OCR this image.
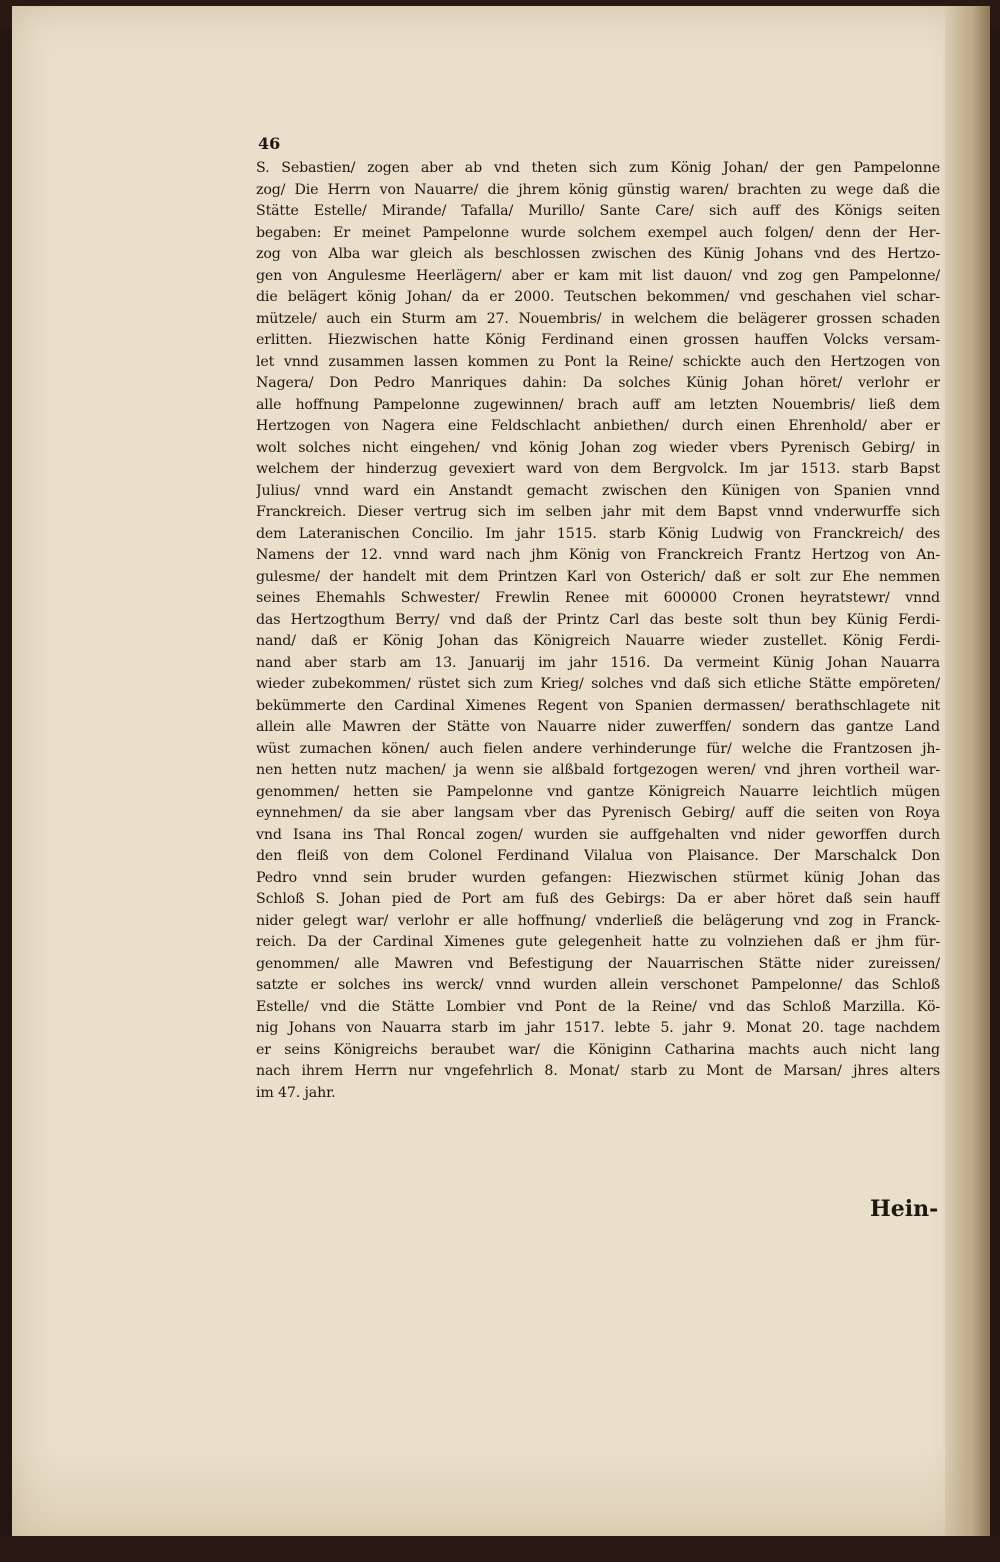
46
S. Sebastien/ zogen aber ab vnd theten sich zum König Johan/ der gen Pampelonne
zog/ Die Herrn von Nauarre/ die jhrem könig günstig waren/ brachten zu wege daß die
Stätte Estelle/ Mirande/ Tafalla/ Murillo/ Sante Care/ sich auff des Königs seiten
begaben: Er meinet Pampelonne wurde solchem exempel auch folgen/ denn der Her-
zog von Alba war gleich als beschlossen zwischen des Künig Johans vnd des Hertzo-
gen von Angulesme Heerlägern/ aber er kam mit list dauon/ vnd zog gen Pampelonne/
die belägert könig Johan/ da er 2000. Teutschen bekommen/ vnd geschahen viel schar-
mützele/ auch ein Sturm am 27. Nouembris/ in welchem die belägerer grossen schaden
erlitten. Hiezwischen hatte König Ferdinand einen grossen hauffen Volcks versam-
let vnnd zusammen lassen kommen zu Pont la Reine/ schickte auch den Hertzogen von
Nagera/ Don Pedro Manriques dahin: Da solches Künig Johan höret/ verlohr er
alle hoffnung Pampelonne zugewinnen/ brach auff am letzten Nouembris/ ließ dem
Hertzogen von Nagera eine Feldschlacht anbiethen/ durch einen Ehrenhold/ aber er
wolt solches nicht eingehen/ vnd könig Johan zog wieder vbers Pyrenisch Gebirg/ in
welchem der hinderzug gevexiert ward von dem Bergvolck. Im jar 1513. starb Bapst
Julius/ vnnd ward ein Anstandt gemacht zwischen den Künigen von Spanien vnnd
Franckreich. Dieser vertrug sich im selben jahr mit dem Bapst vnnd vnderwurffe sich
dem Lateranischen Concilio. Im jahr 1515. starb König Ludwig von Franckreich/ des
Namens der 12. vnnd ward nach jhm König von Franckreich Frantz Hertzog von An-
gulesme/ der handelt mit dem Printzen Karl von Osterich/ daß er solt zur Ehe nemmen
seines Ehemahls Schwester/ Frewlin Renee mit 600000 Cronen heyratstewr/ vnnd
das Hertzogthum Berry/ vnd daß der Printz Carl das beste solt thun bey Künig Ferdi-
nand/ daß er König Johan das Königreich Nauarre wieder zustellet. König Ferdi-
nand aber starb am 13. Januarij im jahr 1516. Da vermeint Künig Johan Nauarra
wieder zubekommen/ rüstet sich zum Krieg/ solches vnd daß sich etliche Stätte empöreten/
bekümmerte den Cardinal Ximenes Regent von Spanien dermassen/ berathschlagete nit
allein alle Mawren der Stätte von Nauarre nider zuwerffen/ sondern das gantze Land
wüst zumachen könen/ auch fielen andere verhinderunge für/ welche die Frantzosen jh-
nen hetten nutz machen/ ja wenn sie alßbald fortgezogen weren/ vnd jhren vortheil war-
genommen/ hetten sie Pampelonne vnd gantze Königreich Nauarre leichtlich mügen
eynnehmen/ da sie aber langsam vber das Pyrenisch Gebirg/ auff die seiten von Roya
vnd Isana ins Thal Roncal zogen/ wurden sie auffgehalten vnd nider geworffen durch
den fleiß von dem Colonel Ferdinand Vilalua von Plaisance. Der Marschalck Don
Pedro vnnd sein bruder wurden gefangen: Hiezwischen stürmet künig Johan das
Schloß S. Johan pied de Port am fuß des Gebirgs: Da er aber höret daß sein hauff
nider gelegt war/ verlohr er alle hoffnung/ vnderließ die belägerung vnd zog in Franck-
reich. Da der Cardinal Ximenes gute gelegenheit hatte zu volnziehen daß er jhm für-
genommen/ alle Mawren vnd Befestigung der Nauarrischen Stätte nider zureissen/
satzte er solches ins werck/ vnnd wurden allein verschonet Pampelonne/ das Schloß
Estelle/ vnd die Stätte Lombier vnd Pont de la Reine/ vnd das Schloß Marzilla. Kö-
nig Johans von Nauarra starb im jahr 1517. lebte 5. jahr 9. Monat 20. tage nachdem
er seins Königreichs beraubet war/ die Königinn Catharina machts auch nicht lang
nach ihrem Herrn nur vngefehrlich 8. Monat/ starb zu Mont de Marsan/ jhres alters
im 47. jahr.
Hein-
